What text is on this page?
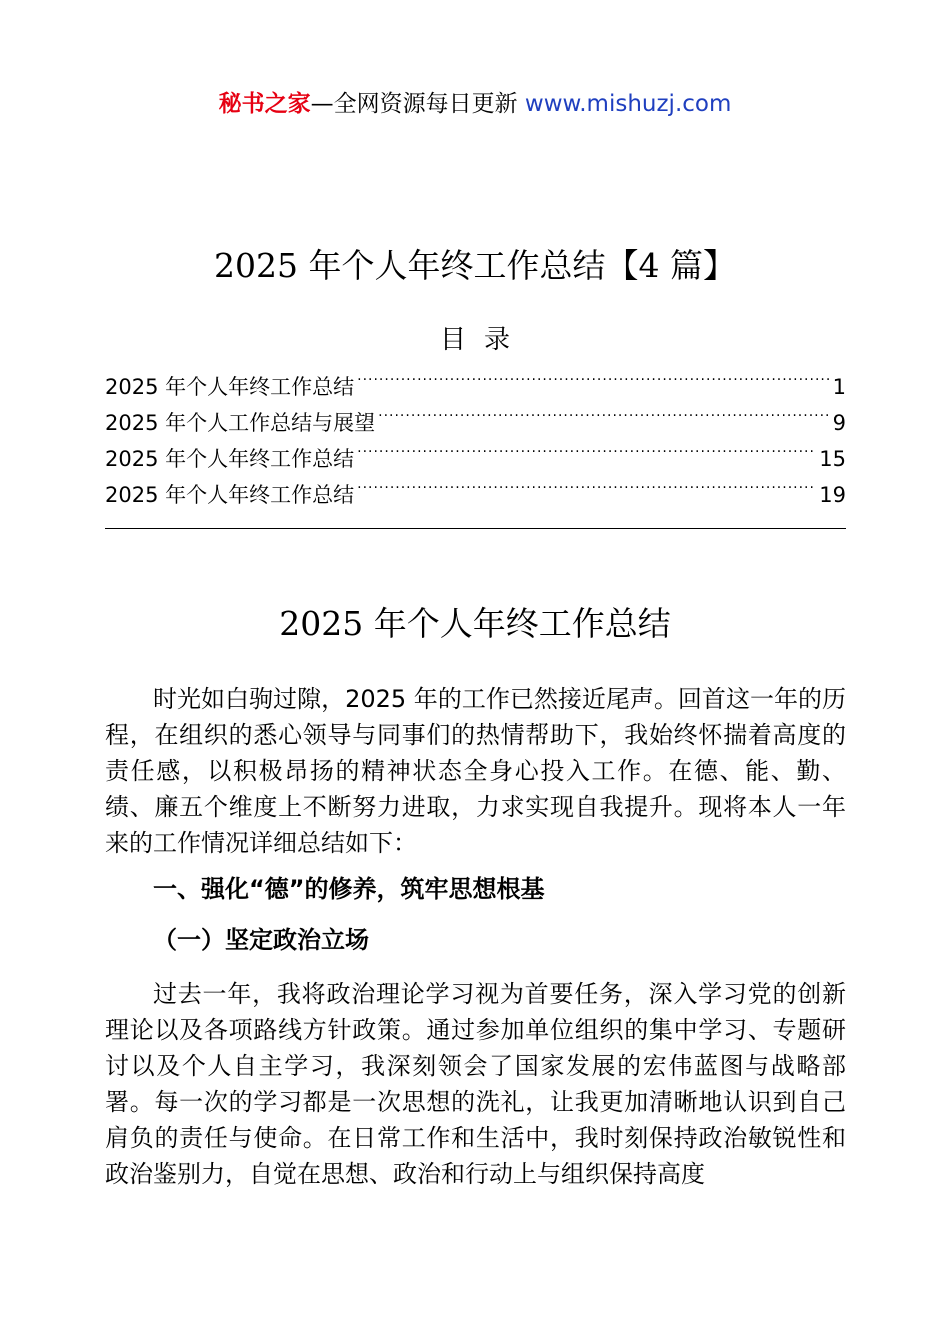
秘书之家—全网资源每日更新 www.mishuzj.com
2025 年个人年终工作总结【4 篇】
目录
2025 年个人年终工作总结 .....	1
2025 年个人工作总结与展望 .....	9
2025 年个人年终工作总结 .....	15
2025 年个人年终工作总结 .....	19
2025 年个人年终工作总结

时光如白驹过隙，2025 年的工作已然接近尾声。回首这一年的历程，在组织的悉心领导与同事们的热情帮助下，我始终怀揣着高度的责任感，以积极昂扬的精神状态全身心投入工作。在德、能、勤、绩、廉五个维度上不断努力进取，力求实现自我提升。现将本人一年来的工作情况详细总结如下：

一、强化“德”的修养，筑牢思想根基
（一）坚定政治立场

过去一年，我将政治理论学习视为首要任务，深入学习党的创新理论以及各项路线方针政策。通过参加单位组织的集中学习、专题研讨以及个人自主学习，我深刻领会了国家发展的宏伟蓝图与战略部署。每一次的学习都是一次思想的洗礼，让我更加清晰地认识到自己肩负的责任与使命。在日常工作和生活中，我时刻保持政治敏锐性和政治鉴别力，自觉在思想、政治和行动上与组织保持高度
